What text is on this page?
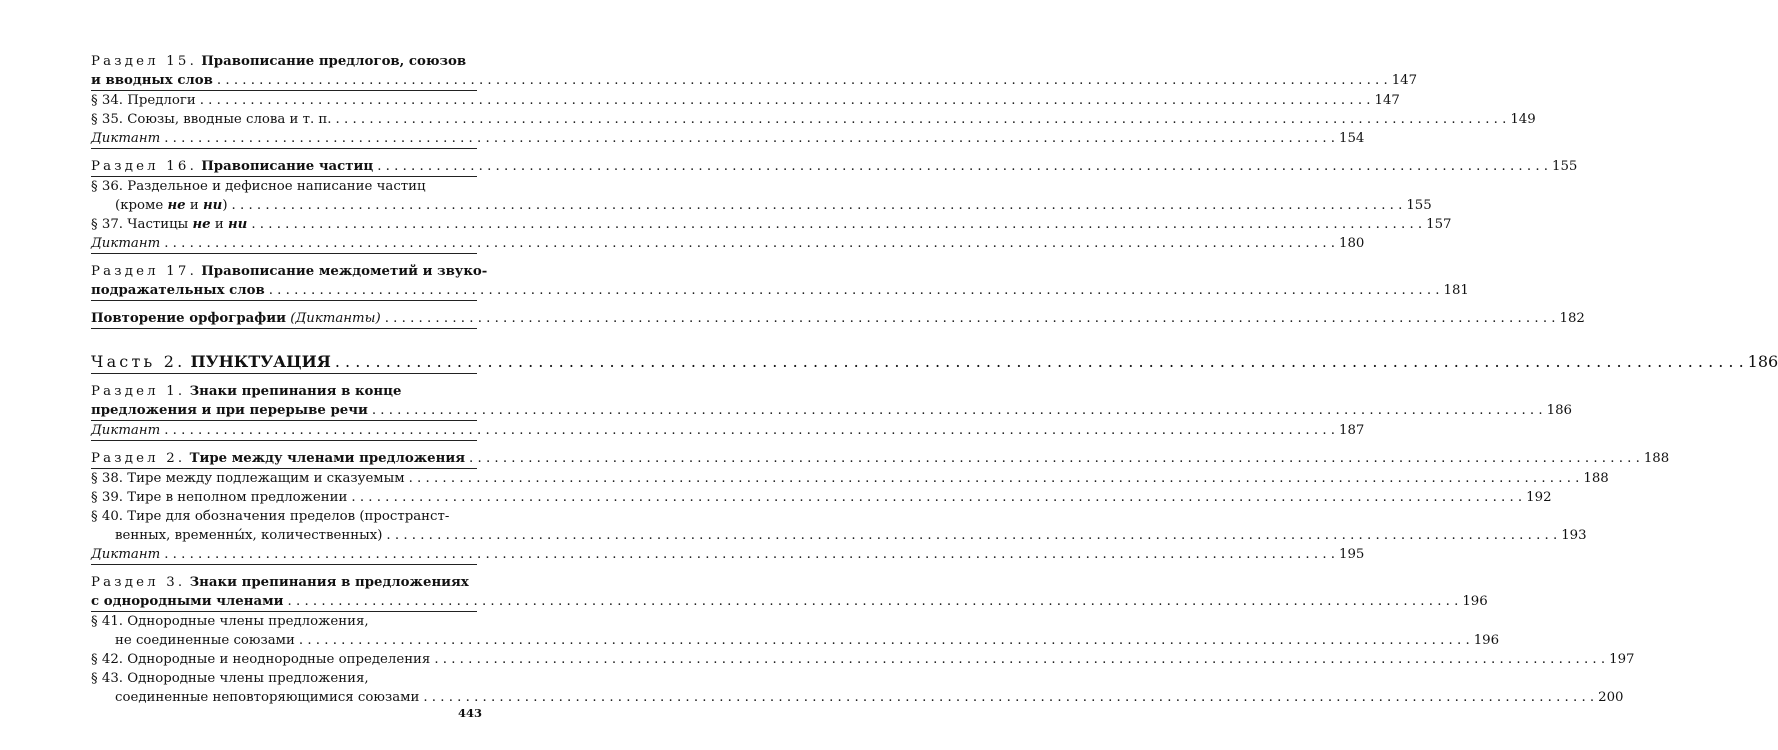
Раздел 15. Правописание предлогов, союзов
и вводных слов . . .	147
§ 34. Предлоги . . .	147
§ 35. Союзы, вводные слова и т. п. . . .	149
Диктант . . .	154
Раздел 16. Правописание частиц . . .	155
§ 36. Раздельное и дефисное написание частиц
(кроме не и ни) . . .	155
§ 37. Частицы не и ни . . .	157
Диктант . . .	180
Раздел 17. Правописание междометий и звуко-
подражательных слов . . .	181
Повторение орфографии (Диктанты) . . .	182
Часть 2. ПУНКТУАЦИЯ . . .	186
Раздел 1. Знаки препинания в конце
предложения и при перерыве речи . . .	186
Диктант . . .	187
Раздел 2. Тире между членами предложения . . .	188
§ 38. Тире между подлежащим и сказуемым . . .	188
§ 39. Тире в неполном предложении . . .	192
§ 40. Тире для обозначения пределов (пространст-
венных, временны́х, количественных) . . .	193
Диктант . . .	195
Раздел 3. Знаки препинания в предложениях
с однородными членами . . .	196
§ 41. Однородные члены предложения,
не соединенные союзами . . .	196
§ 42. Однородные и неоднородные определения . . .	197
§ 43. Однородные члены предложения,
соединенные неповторяющимися союзами . . .	200
443
